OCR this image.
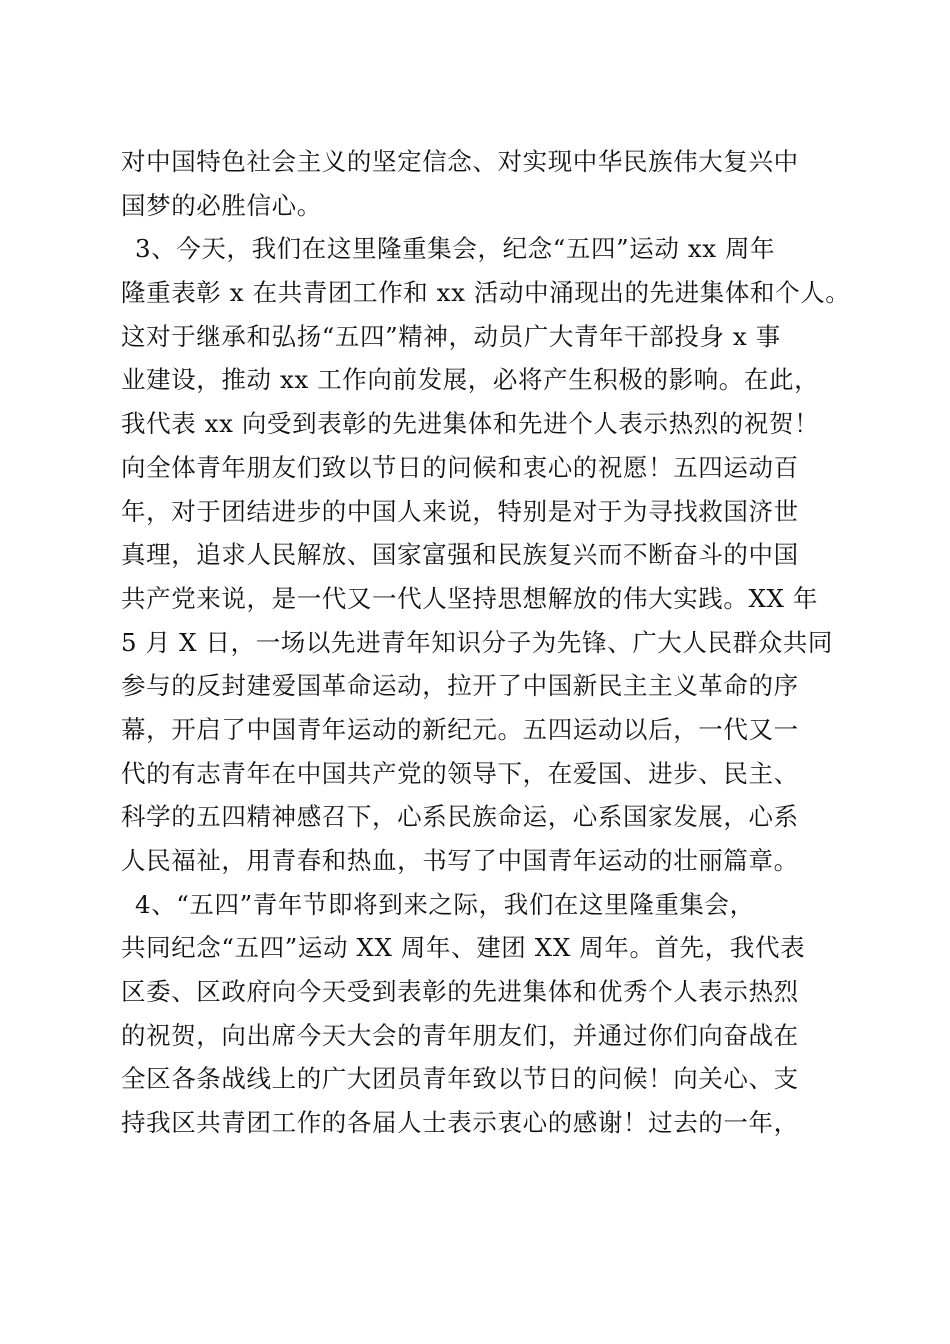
对中国特色社会主义的坚定信念、对实现中华民族伟大复兴中
国梦的必胜信心。
3、今天，我们在这里隆重集会，纪念“五四”运动 xx 周年
隆重表彰 x 在共青团工作和 xx 活动中涌现出的先进集体和个人。
这对于继承和弘扬“五四”精神，动员广大青年干部投身 x 事
业建设，推动 xx 工作向前发展，必将产生积极的影响。在此，
我代表 xx 向受到表彰的先进集体和先进个人表示热烈的祝贺！
向全体青年朋友们致以节日的问候和衷心的祝愿！五四运动百
年，对于团结进步的中国人来说，特别是对于为寻找救国济世
真理，追求人民解放、国家富强和民族复兴而不断奋斗的中国
共产党来说，是一代又一代人坚持思想解放的伟大实践。XX 年
5 月 X 日，一场以先进青年知识分子为先锋、广大人民群众共同
参与的反封建爱国革命运动，拉开了中国新民主主义革命的序
幕，开启了中国青年运动的新纪元。五四运动以后，一代又一
代的有志青年在中国共产党的领导下，在爱国、进步、民主、
科学的五四精神感召下，心系民族命运，心系国家发展，心系
人民福祉，用青春和热血，书写了中国青年运动的壮丽篇章。
4、“五四”青年节即将到来之际，我们在这里隆重集会，
共同纪念“五四”运动 XX 周年、建团 XX 周年。首先，我代表
区委、区政府向今天受到表彰的先进集体和优秀个人表示热烈
的祝贺，向出席今天大会的青年朋友们，并通过你们向奋战在
全区各条战线上的广大团员青年致以节日的问候！向关心、支
持我区共青团工作的各届人士表示衷心的感谢！过去的一年，
